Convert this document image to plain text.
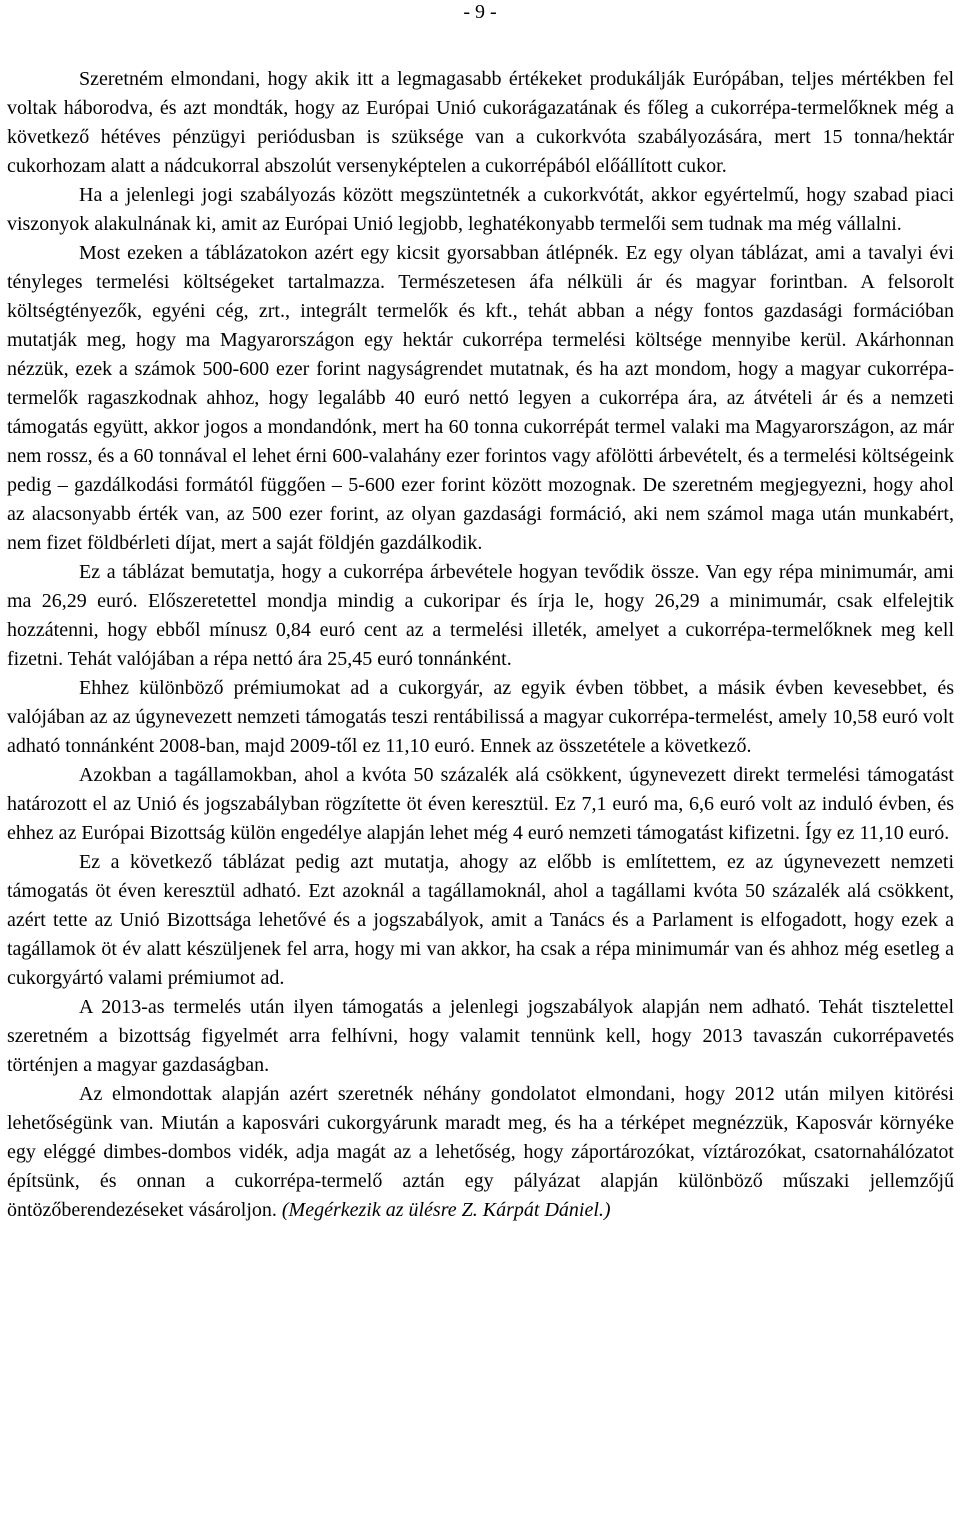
- 9 -

Szeretném elmondani, hogy akik itt a legmagasabb értékeket produkálják Európában, teljes mértékben fel voltak háborodva, és azt mondták, hogy az Európai Unió cukorágazatának és főleg a cukorrépa-termelőknek még a következő hétéves pénzügyi periódusban is szüksége van a cukorkvóta szabályozására, mert 15 tonna/hektár cukorhozam alatt a nádcukorral abszolút versenyképtelen a cukorrépából előállított cukor.

Ha a jelenlegi jogi szabályozás között megszüntetnék a cukorkvótát, akkor egyértelmű, hogy szabad piaci viszonyok alakulnának ki, amit az Európai Unió legjobb, leghatékonyabb termelői sem tudnak ma még vállalni.

Most ezeken a táblázatokon azért egy kicsit gyorsabban átlépnék. Ez egy olyan táblázat, ami a tavalyi évi tényleges termelési költségeket tartalmazza. Természetesen áfa nélküli ár és magyar forintban. A felsorolt költségtényezők, egyéni cég, zrt., integrált termelők és kft., tehát abban a négy fontos gazdasági formációban mutatják meg, hogy ma Magyarországon egy hektár cukorrépa termelési költsége mennyibe kerül. Akárhonnan nézzük, ezek a számok 500-600 ezer forint nagyságrendet mutatnak, és ha azt mondom, hogy a magyar cukorrépa-termelők ragaszkodnak ahhoz, hogy legalább 40 euró nettó legyen a cukorrépa ára, az átvételi ár és a nemzeti támogatás együtt, akkor jogos a mondandónk, mert ha 60 tonna cukorrépát termel valaki ma Magyarországon, az már nem rossz, és a 60 tonnával el lehet érni 600-valahány ezer forintos vagy afölötti árbevételt, és a termelési költségeink pedig – gazdálkodási formától függően – 5-600 ezer forint között mozognak. De szeretném megjegyezni, hogy ahol az alacsonyabb érték van, az 500 ezer forint, az olyan gazdasági formáció, aki nem számol maga után munkabért, nem fizet földbérleti díjat, mert a saját földjén gazdálkodik.

Ez a táblázat bemutatja, hogy a cukorrépa árbevétele hogyan tevődik össze. Van egy répa minimumár, ami ma 26,29 euró. Előszeretettel mondja mindig a cukoripar és írja le, hogy 26,29 a minimumár, csak elfelejtik hozzátenni, hogy ebből mínusz 0,84 euró cent az a termelési illeték, amelyet a cukorrépa-termelőknek meg kell fizetni. Tehát valójában a répa nettó ára 25,45 euró tonnánként.

Ehhez különböző prémiumokat ad a cukorgyár, az egyik évben többet, a másik évben kevesebbet, és valójában az az úgynevezett nemzeti támogatás teszi rentábilissá a magyar cukorrépa-termelést, amely 10,58 euró volt adható tonnánként 2008-ban, majd 2009-től ez 11,10 euró. Ennek az összetétele a következő.

Azokban a tagállamokban, ahol a kvóta 50 százalék alá csökkent, úgynevezett direkt termelési támogatást határozott el az Unió és jogszabályban rögzítette öt éven keresztül. Ez 7,1 euró ma, 6,6 euró volt az induló évben, és ehhez az Európai Bizottság külön engedélye alapján lehet még 4 euró nemzeti támogatást kifizetni. Így ez 11,10 euró.

Ez a következő táblázat pedig azt mutatja, ahogy az előbb is említettem, ez az úgynevezett nemzeti támogatás öt éven keresztül adható. Ezt azoknál a tagállamoknál, ahol a tagállami kvóta 50 százalék alá csökkent, azért tette az Unió Bizottsága lehetővé és a jogszabályok, amit a Tanács és a Parlament is elfogadott, hogy ezek a tagállamok öt év alatt készüljenek fel arra, hogy mi van akkor, ha csak a répa minimumár van és ahhoz még esetleg a cukorgyártó valami prémiumot ad.

A 2013-as termelés után ilyen támogatás a jelenlegi jogszabályok alapján nem adható. Tehát tisztelettel szeretném a bizottság figyelmét arra felhívni, hogy valamit tennünk kell, hogy 2013 tavaszán cukorrépavetés történjen a magyar gazdaságban.

Az elmondottak alapján azért szeretnék néhány gondolatot elmondani, hogy 2012 után milyen kitörési lehetőségünk van. Miután a kaposvári cukorgyárunk maradt meg, és ha a térképet megnézzük, Kaposvár környéke egy eléggé dimbes-dombos vidék, adja magát az a lehetőség, hogy záportározókat, víztározókat, csatornahálózatot építsünk, és onnan a cukorrépa-termelő aztán egy pályázat alapján különböző műszaki jellemzőjű öntözőberendezéseket vásároljon. (Megérkezik az ülésre Z. Kárpát Dániel.)
